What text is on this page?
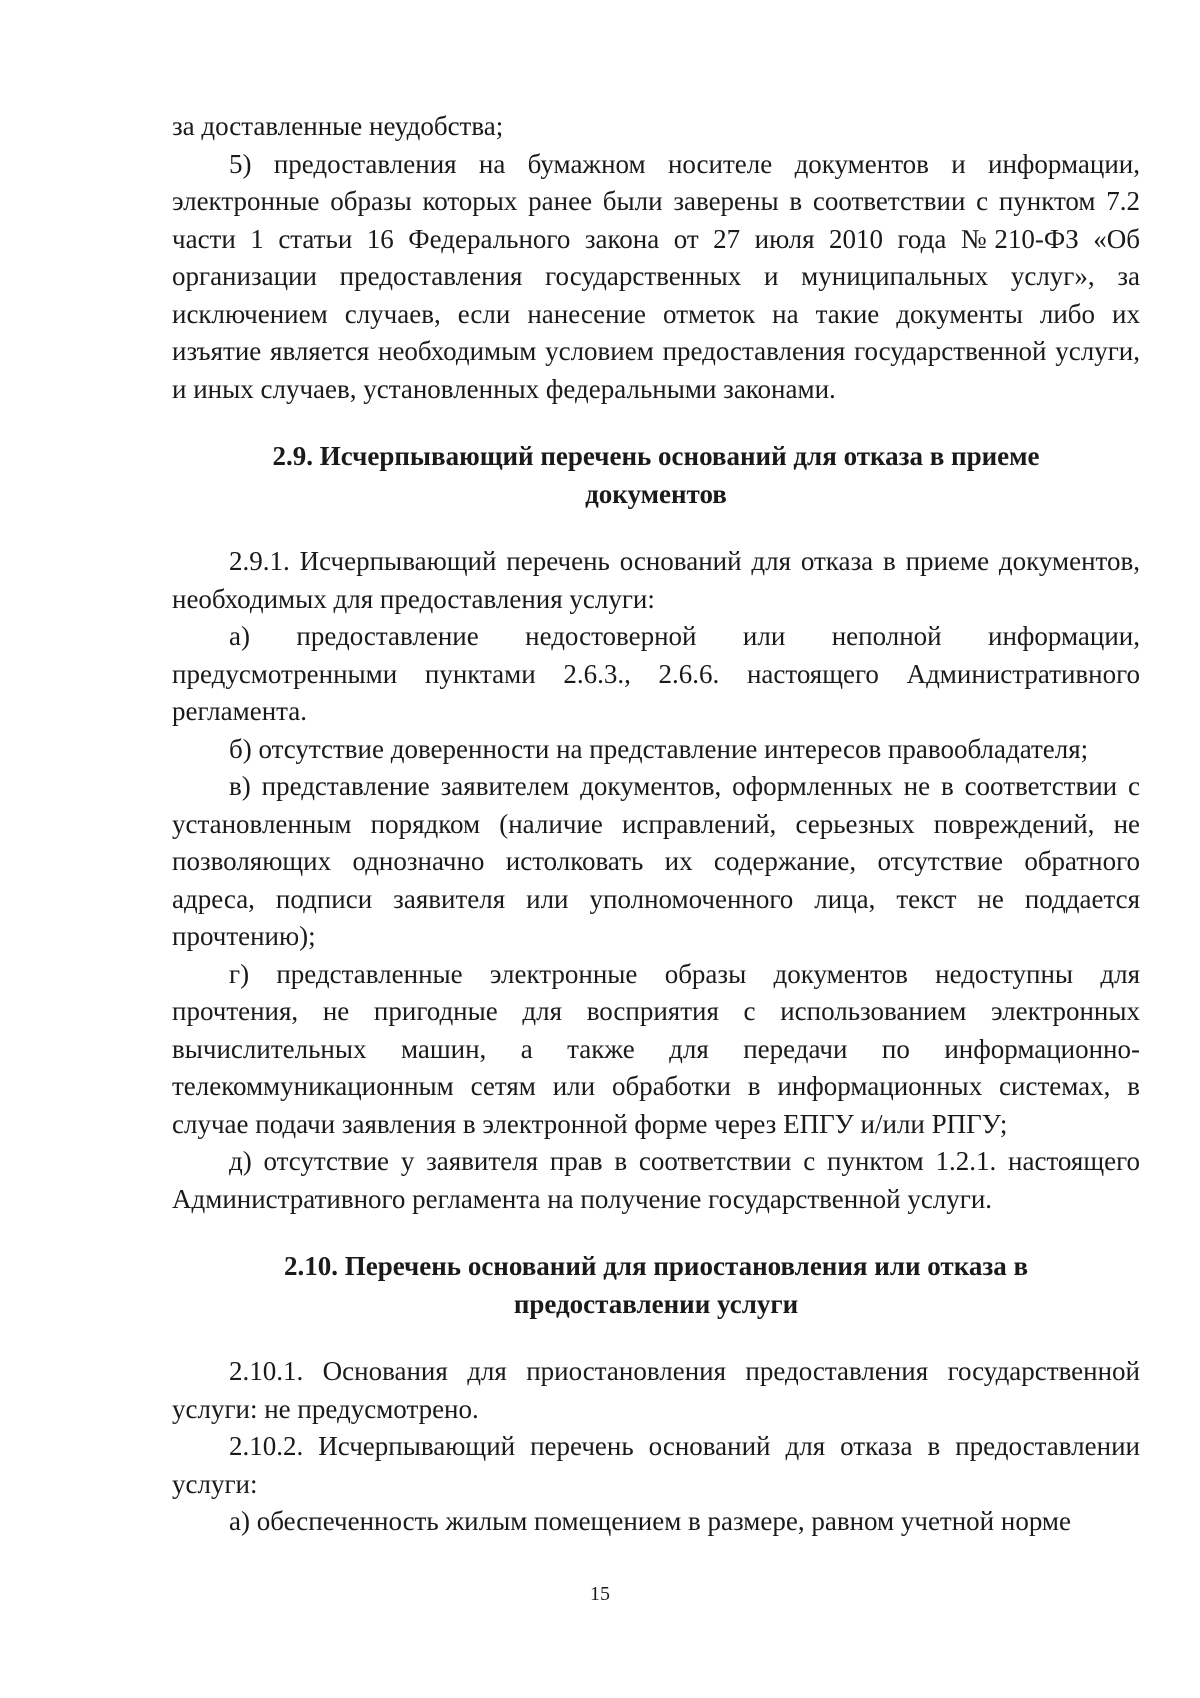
за доставленные неудобства;

5) предоставления на бумажном носителе документов и информации, электронные образы которых ранее были заверены в соответствии с пунктом 7.2 части 1 статьи 16 Федерального закона от 27 июля 2010 года №210-ФЗ «Об организации предоставления государственных и муниципальных услуг», за исключением случаев, если нанесение отметок на такие документы либо их изъятие является необходимым условием предоставления государственной услуги, и иных случаев, установленных федеральными законами.

2.9. Исчерпывающий перечень оснований для отказа в приеме
документов

2.9.1. Исчерпывающий перечень оснований для отказа в приеме документов, необходимых для предоставления услуги:

а) предоставление недостоверной или неполной информации, предусмотренными пунктами 2.6.3., 2.6.6. настоящего Административного регламента.

б) отсутствие доверенности на представление интересов правообладателя;

в) представление заявителем документов, оформленных не в соответствии с установленным порядком (наличие исправлений, серьезных повреждений, не позволяющих однозначно истолковать их содержание, отсутствие обратного адреса, подписи заявителя или уполномоченного лица, текст не поддается прочтению);

г) представленные электронные образы документов недоступны для прочтения, не пригодные для восприятия с использованием электронных вычислительных машин, а также для передачи по информационно-телекоммуникационным сетям или обработки в информационных системах, в случае подачи заявления в электронной форме через ЕПГУ и/или РПГУ;

д) отсутствие у заявителя прав в соответствии с пунктом 1.2.1. настоящего Административного регламента на получение государственной услуги.

2.10. Перечень оснований для приостановления или отказа в
предоставлении услуги

2.10.1. Основания для приостановления предоставления государственной услуги: не предусмотрено.

2.10.2. Исчерпывающий перечень оснований для отказа в предоставлении услуги:

а) обеспеченность жилым помещением в размере, равном учетной норме

15
